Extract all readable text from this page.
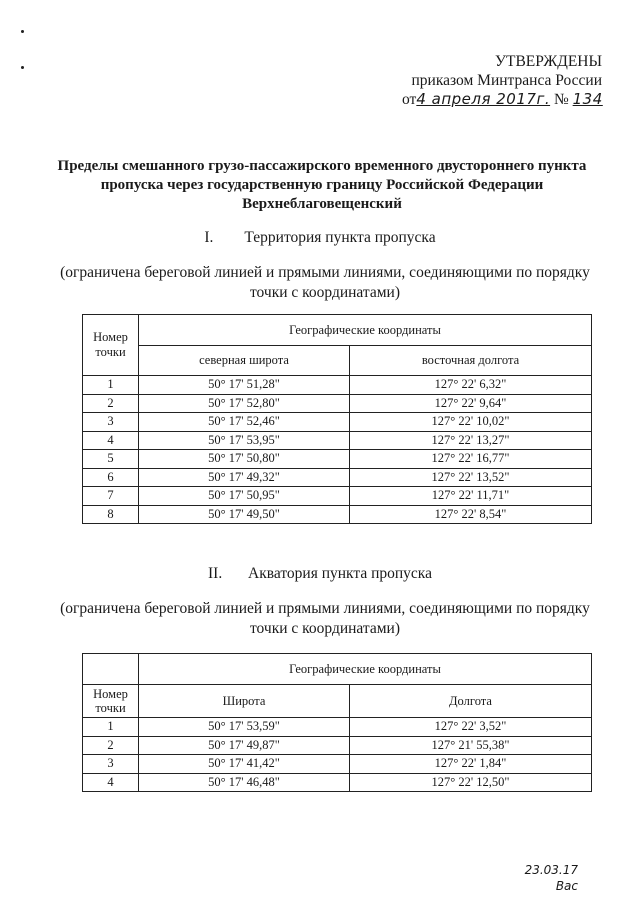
УТВЕРЖДЕНЫ
приказом Минтранса России
от4 апреля 2017г. № 134
Пределы смешанного грузо-пассажирского временного двустороннего пункта пропуска через государственную границу Российской Федерации Верхнеблаговещенский
I. Территория пункта пропуска
(ограничена береговой линией и прямыми линиями, соединяющими по порядку точки с координатами)
Номер точки	Географические координаты	
	северная широта	восточная долгота
1	50° 17' 51,28"	127° 22' 6,32"
2	50° 17' 52,80"	127° 22' 9,64"
3	50° 17' 52,46"	127° 22' 10,02"
4	50° 17' 53,95"	127° 22' 13,27"
5	50° 17' 50,80"	127° 22' 16,77"
6	50° 17' 49,32"	127° 22' 13,52"
7	50° 17' 50,95"	127° 22' 11,71"
8	50° 17' 49,50"	127° 22' 8,54"
II. Акватория пункта пропуска
(ограничена береговой линией и прямыми линиями, соединяющими по порядку точки с координатами)
	Географические координаты	
Номер точки	Широта	Долгота
1	50° 17' 53,59"	127° 22' 3,52"
2	50° 17' 49,87"	127° 21' 55,38"
3	50° 17' 41,42"	127° 22' 1,84"
4	50° 17' 46,48"	127° 22' 12,50"
23.03.17
Вас
